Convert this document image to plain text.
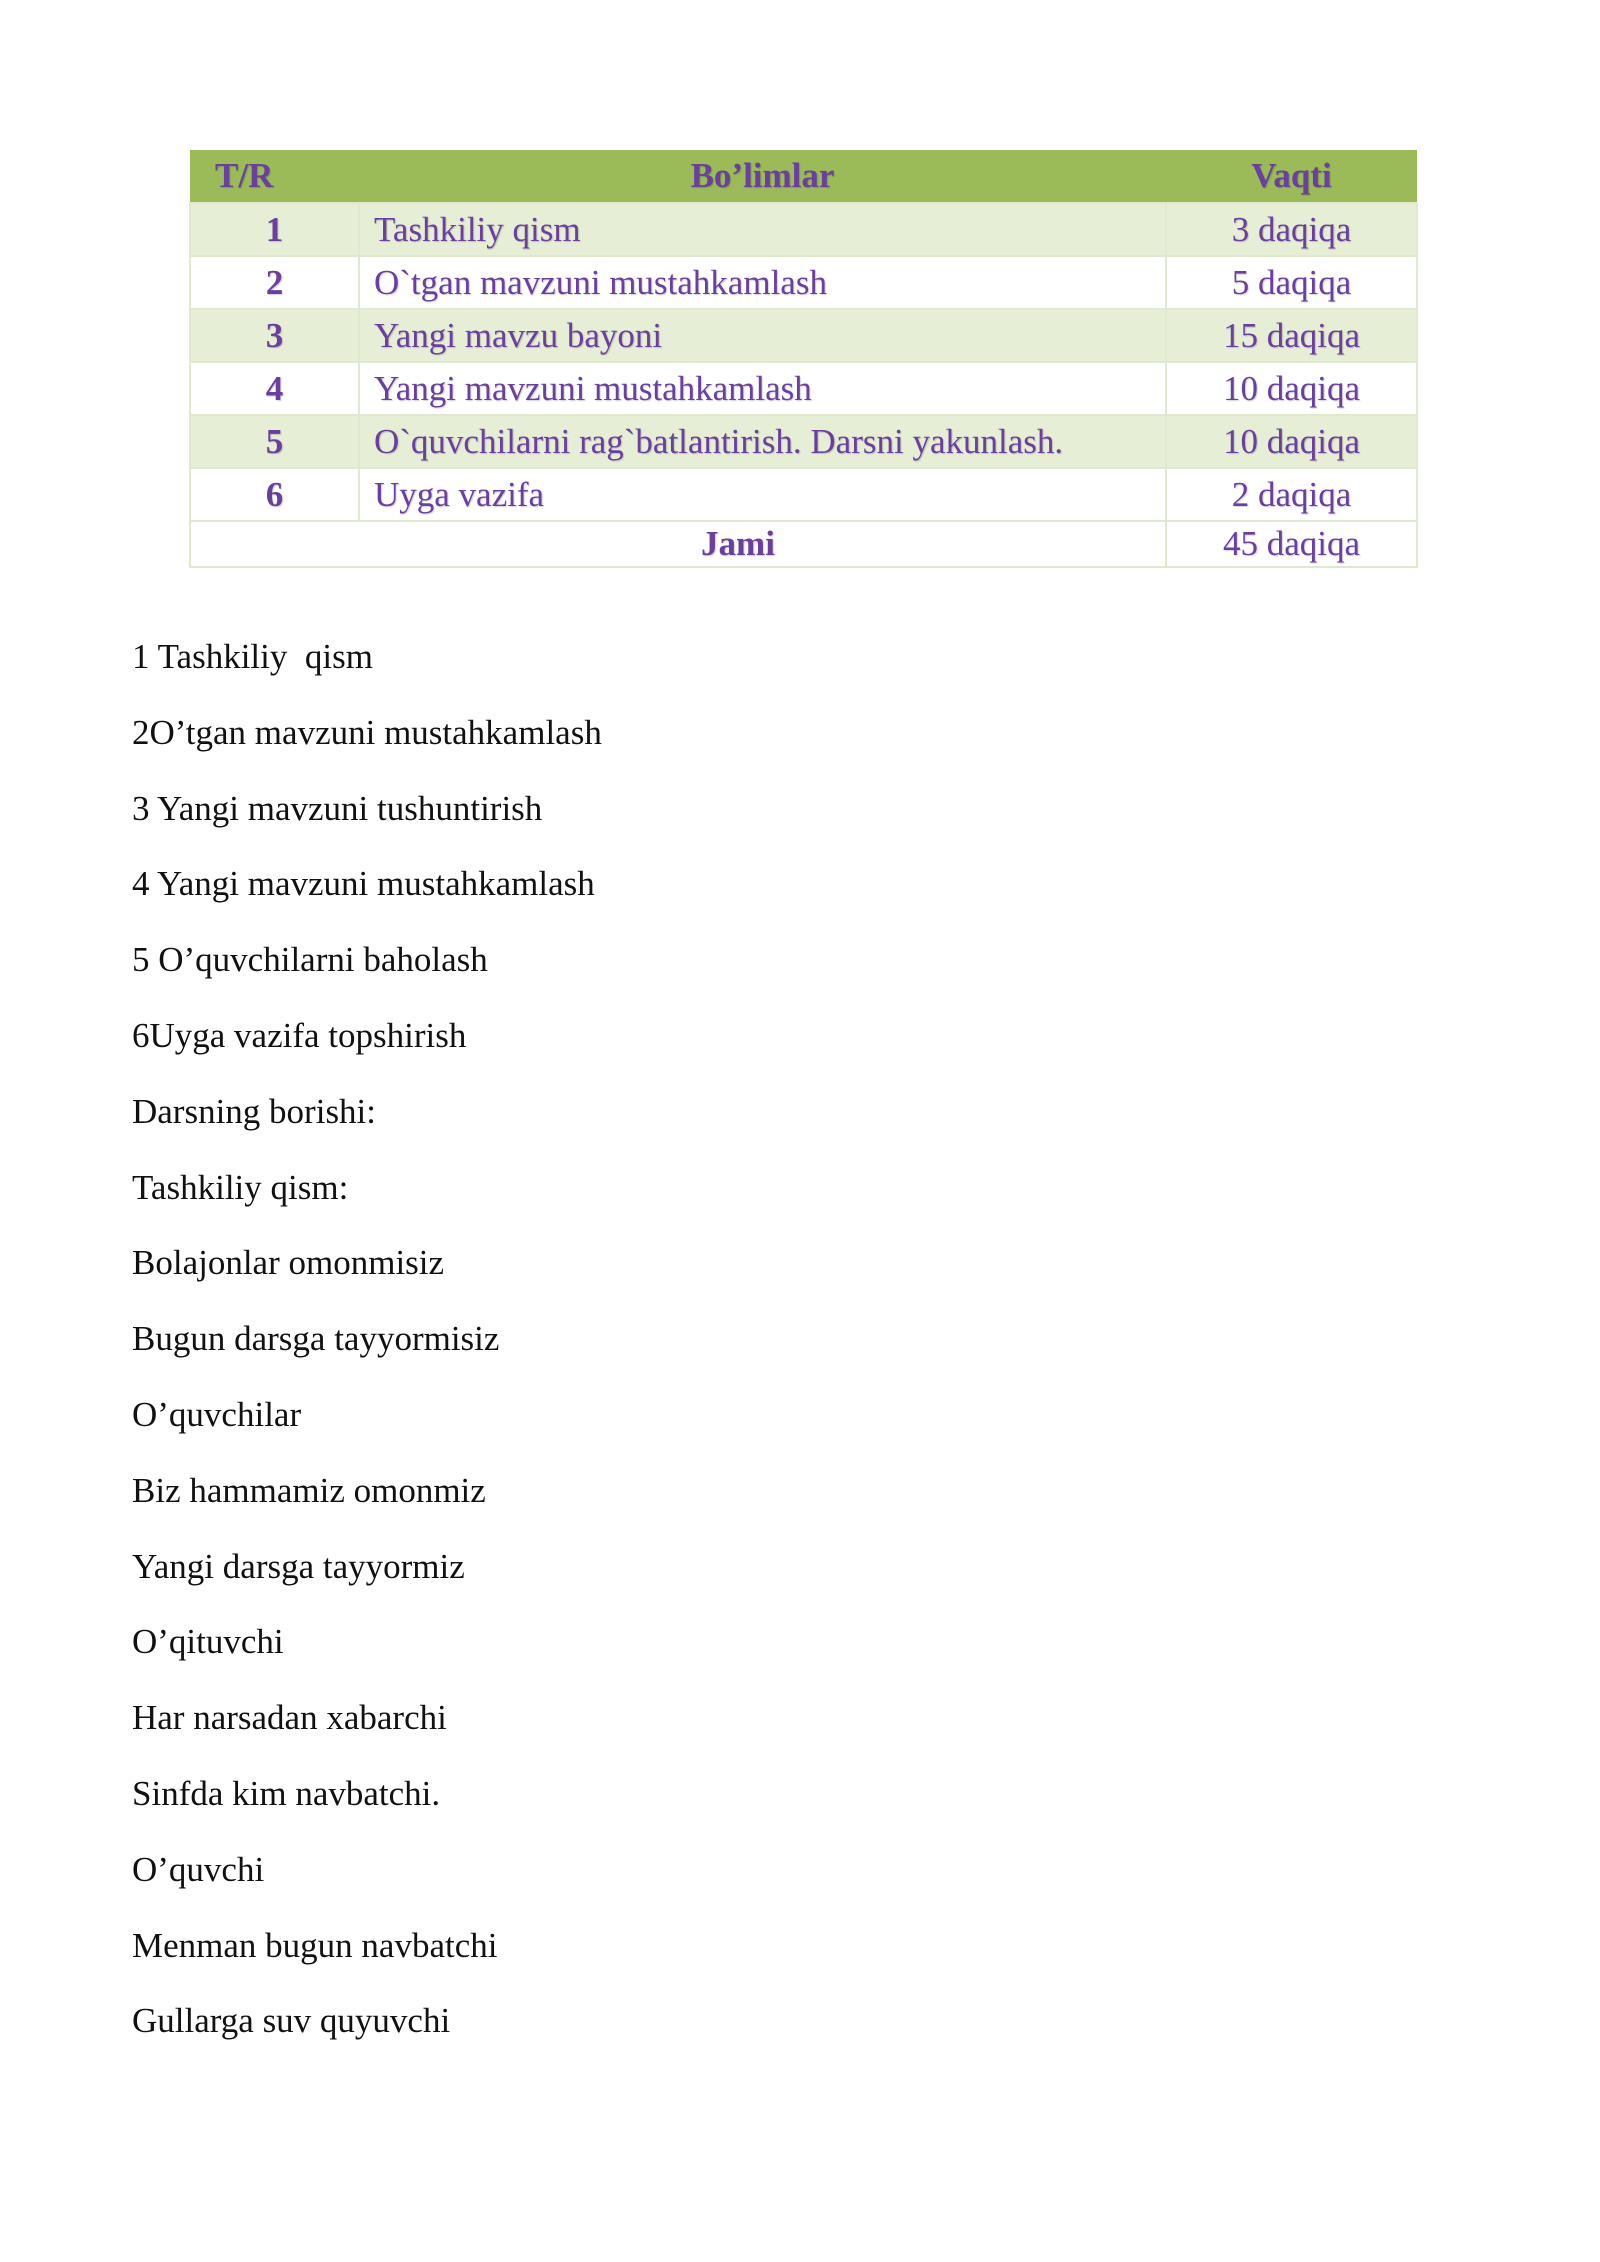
T/R	Bo’limlar	Vaqti
1	Tashkiliy qism	3 daqiqa
2	O`tgan mavzuni mustahkamlash	5 daqiqa
3	Yangi mavzu bayoni	15 daqiqa
4	Yangi mavzuni mustahkamlash	10 daqiqa
5	O`quvchilarni rag`batlantirish. Darsni yakunlash.	10 daqiqa
6	Uyga vazifa	2 daqiqa
Jami		45 daqiqa
1 Tashkiliy  qism
2O’tgan mavzuni mustahkamlash
3 Yangi mavzuni tushuntirish
4 Yangi mavzuni mustahkamlash
5 O’quvchilarni baholash
6Uyga vazifa topshirish
Darsning borishi:
Tashkiliy qism:
Bolajonlar omonmisiz
Bugun darsga tayyormisiz
O’quvchilar
Biz hammamiz omonmiz
Yangi darsga tayyormiz
O’qituvchi
Har narsadan xabarchi
Sinfda kim navbatchi.
O’quvchi
Menman bugun navbatchi
Gullarga suv quyuvchi
